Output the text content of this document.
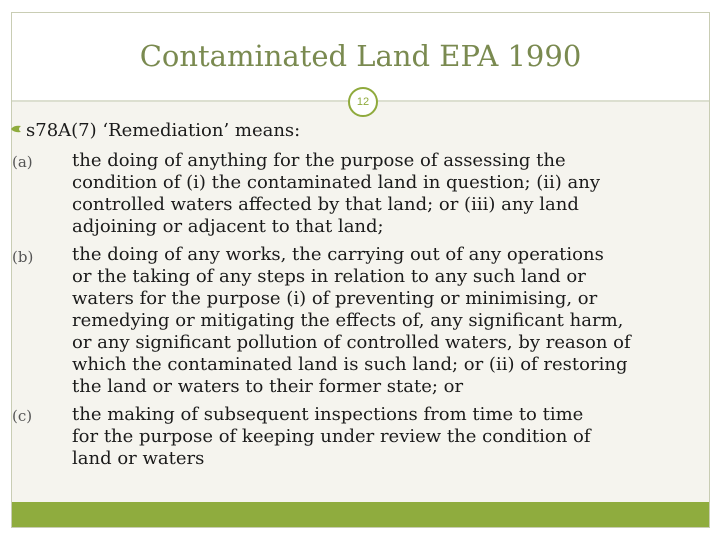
Contaminated Land EPA 1990
12
s78A(7) ‘Remediation’ means:
(a) the doing of anything for the purpose of assessing the
condition of (i) the contaminated land in question; (ii) any
controlled waters affected by that land; or (iii) any land
adjoining or adjacent to that land;
(b) the doing of any works, the carrying out of any operations
or the taking of any steps in relation to any such land or
waters for the purpose (i) of preventing or minimising, or
remedying or mitigating the effects of, any significant harm,
or any significant pollution of controlled waters, by reason of
which the contaminated land is such land; or (ii) of restoring
the land or waters to their former state; or
(c) the making of subsequent inspections from time to time
for the purpose of keeping under review the condition of
land or waters
